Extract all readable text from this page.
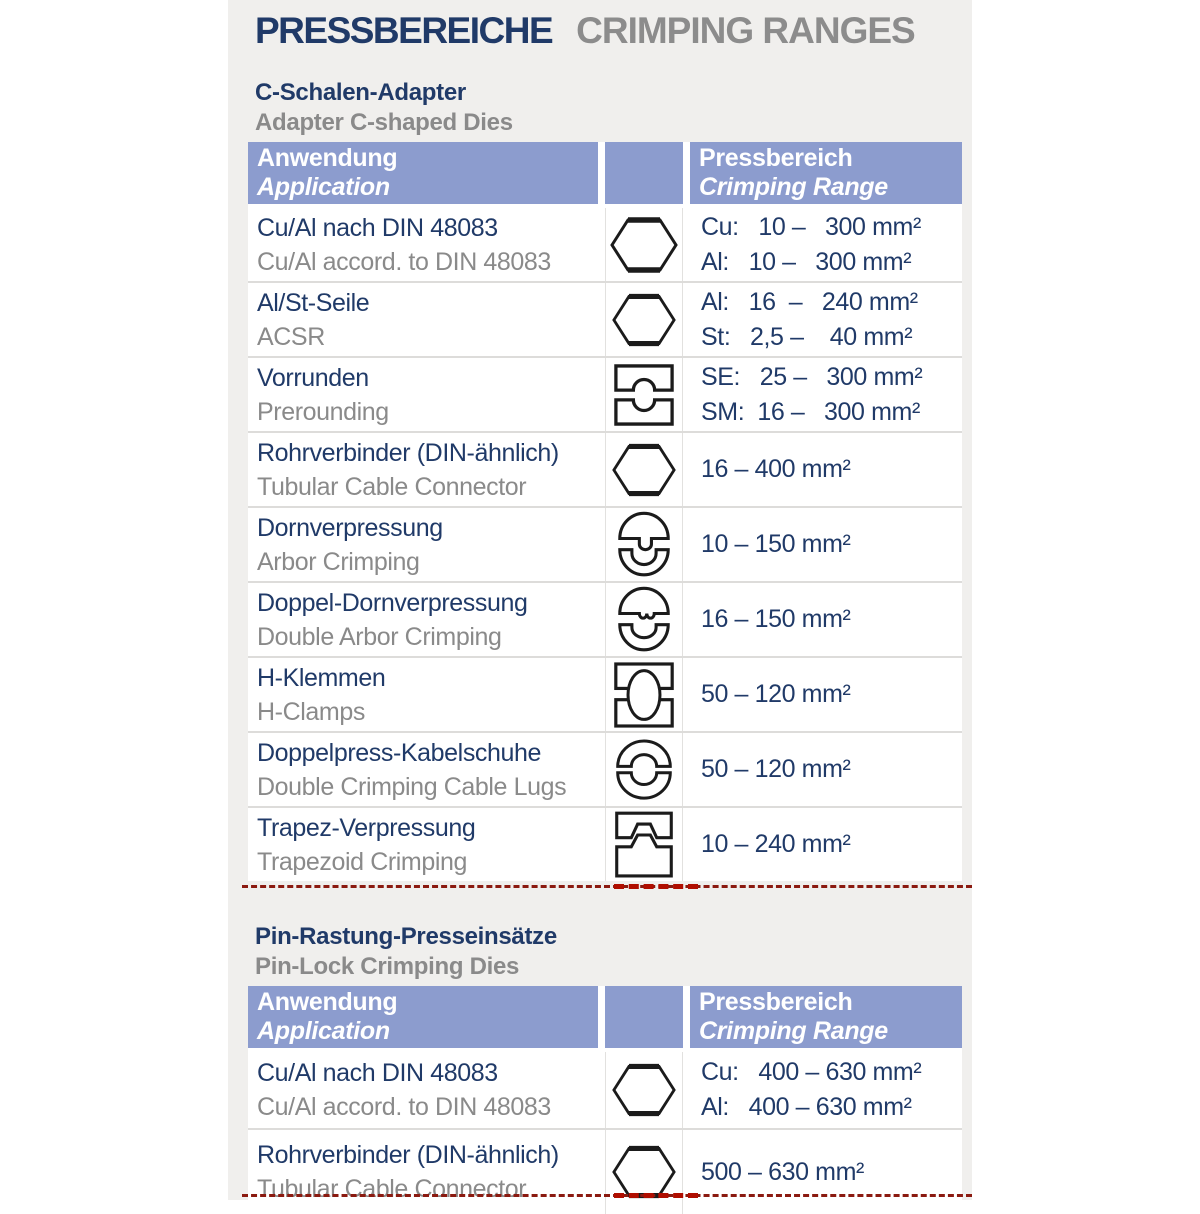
PRESSBEREICHE CRIMPING RANGES
C-Schalen-Adapter
Adapter C-shaped Dies
Anwendung
Application
Pressbereich
Crimping Range
Cu/Al nach DIN 48083
Cu/Al accord. to DIN 48083
Cu:   10 –   300 mm²
Al:   10 –   300 mm²
Al/St-Seile
ACSR
Al:   16  –   240 mm²
St:   2,5 –    40 mm²
Vorrunden
Prerounding
SE:   25 –   300 mm²
SM:  16 –   300 mm²
Rohrverbinder (DIN-ähnlich)
Tubular Cable Connector
16 – 400 mm²
Dornverpressung
Arbor Crimping
10 – 150 mm²
Doppel-Dornverpressung
Double Arbor Crimping
16 – 150 mm²
H-Klemmen
H-Clamps
50 – 120 mm²
Doppelpress-Kabelschuhe
Double Crimping Cable Lugs
50 – 120 mm²
Trapez-Verpressung
Trapezoid Crimping
10 – 240 mm²
Pin-Rastung-Presseinsätze
Pin-Lock Crimping Dies
Anwendung
Application
Pressbereich
Crimping Range
Cu/Al nach DIN 48083
Cu/Al accord. to DIN 48083
Cu:   400 – 630 mm²
Al:   400 – 630 mm²
Rohrverbinder (DIN-ähnlich)
Tubular Cable Connector
500 – 630 mm²
